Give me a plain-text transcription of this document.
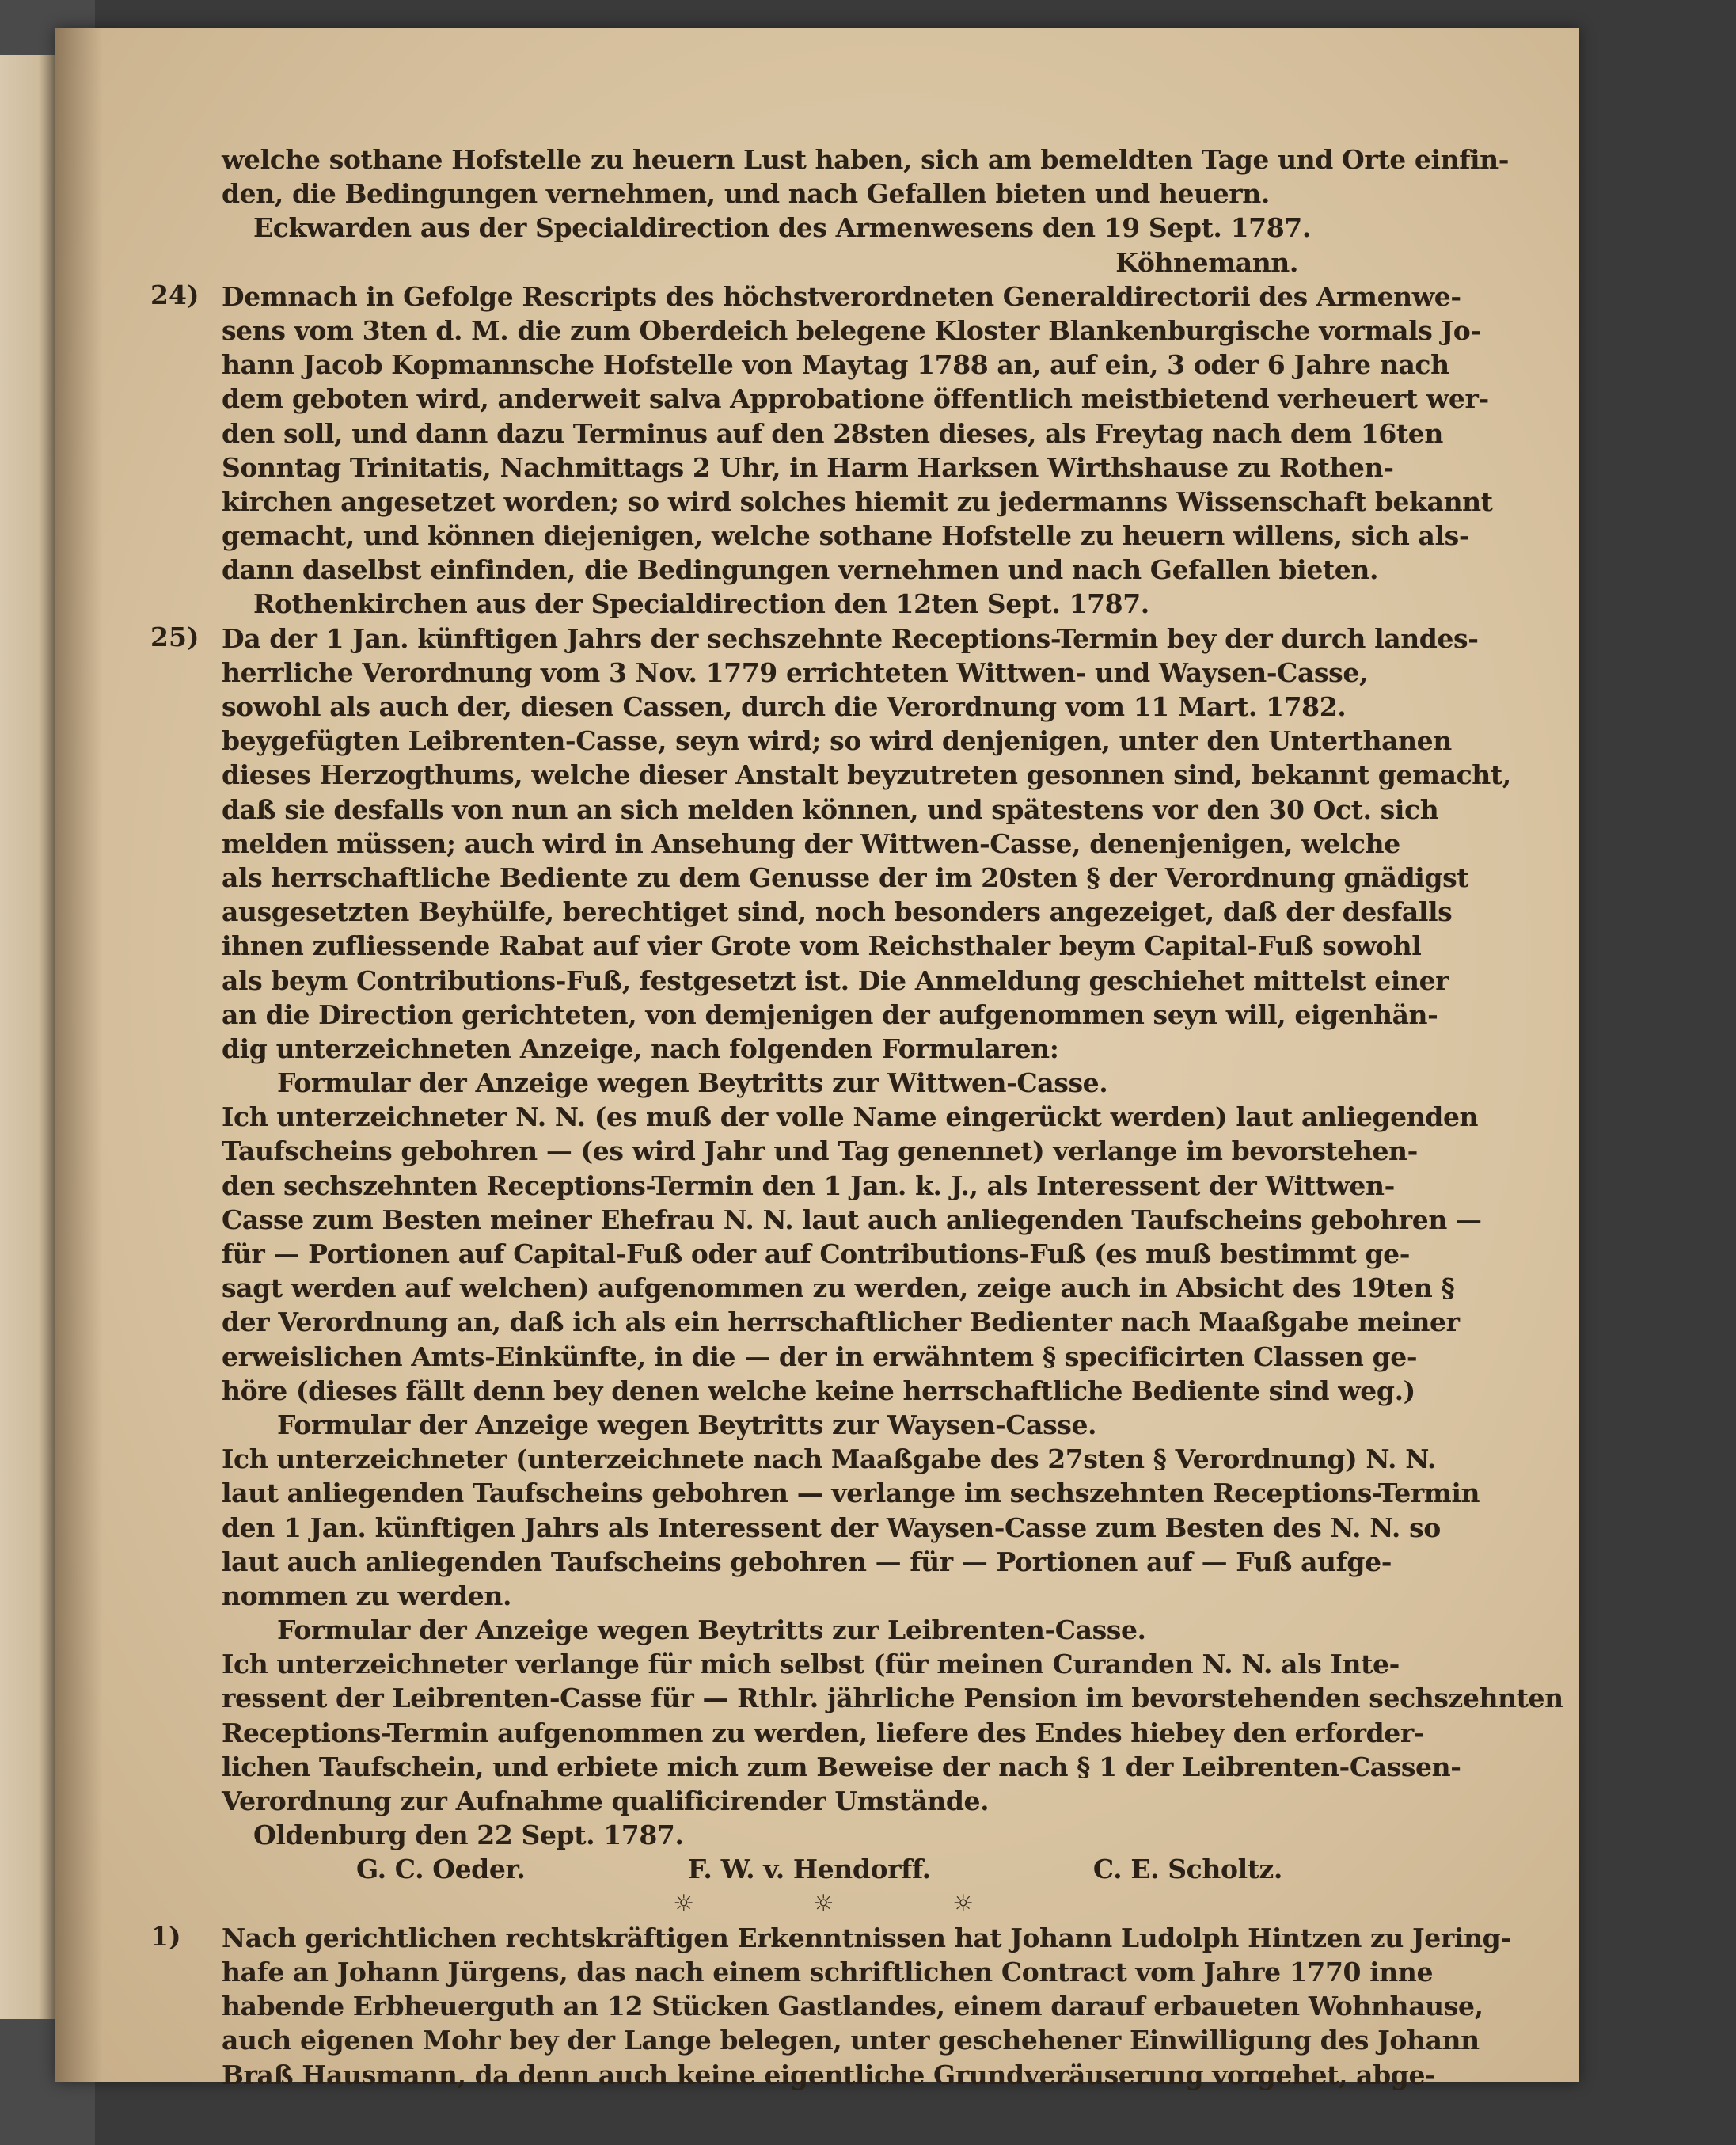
welche sothane Hofstelle zu heuern Lust haben, sich am bemeldten Tage und Orte einfin-
den, die Bedingungen vernehmen, und nach Gefallen bieten und heuern.
Eckwarden aus der Specialdirection des Armenwesens den 19 Sept. 1787.
Köhnemann.
Demnach in Gefolge Rescripts des höchstverordneten Generaldirectorii des Armenwe-
sens vom 3ten d. M. die zum Oberdeich belegene Kloster Blankenburgische vormals Jo-
hann Jacob Kopmannsche Hofstelle von Maytag 1788 an, auf ein, 3 oder 6 Jahre nach
dem geboten wird, anderweit salva Approbatione öffentlich meistbietend verheuert wer-
den soll, und dann dazu Terminus auf den 28sten dieses, als Freytag nach dem 16ten
Sonntag Trinitatis, Nachmittags 2 Uhr, in Harm Harksen Wirthshause zu Rothen-
kirchen angesetzet worden; so wird solches hiemit zu jedermanns Wissenschaft bekannt
gemacht, und können diejenigen, welche sothane Hofstelle zu heuern willens, sich als-
dann daselbst einfinden, die Bedingungen vernehmen und nach Gefallen bieten.
Rothenkirchen aus der Specialdirection den 12ten Sept. 1787.
Da der 1 Jan. künftigen Jahrs der sechszehnte Receptions-Termin bey der durch landes-
herrliche Verordnung vom 3 Nov. 1779 errichteten Wittwen- und Waysen-Casse,
sowohl als auch der, diesen Cassen, durch die Verordnung vom 11 Mart. 1782.
beygefügten Leibrenten-Casse, seyn wird; so wird denjenigen, unter den Unterthanen
dieses Herzogthums, welche dieser Anstalt beyzutreten gesonnen sind, bekannt gemacht,
daß sie desfalls von nun an sich melden können, und spätestens vor den 30 Oct. sich
melden müssen; auch wird in Ansehung der Wittwen-Casse, denenjenigen, welche
als herrschaftliche Bediente zu dem Genusse der im 20sten § der Verordnung gnädigst
ausgesetzten Beyhülfe, berechtiget sind, noch besonders angezeiget, daß der desfalls
ihnen zufliessende Rabat auf vier Grote vom Reichsthaler beym Capital-Fuß sowohl
als beym Contributions-Fuß, festgesetzt ist. Die Anmeldung geschiehet mittelst einer
an die Direction gerichteten, von demjenigen der aufgenommen seyn will, eigenhän-
dig unterzeichneten Anzeige, nach folgenden Formularen:
Formular der Anzeige wegen Beytritts zur Wittwen-Casse.
Ich unterzeichneter N. N. (es muß der volle Name eingerückt werden) laut anliegenden
Taufscheins gebohren — (es wird Jahr und Tag genennet) verlange im bevorstehen-
den sechszehnten Receptions-Termin den 1 Jan. k. J., als Interessent der Wittwen-
Casse zum Besten meiner Ehefrau N. N. laut auch anliegenden Taufscheins gebohren —
für — Portionen auf Capital-Fuß oder auf Contributions-Fuß (es muß bestimmt ge-
sagt werden auf welchen) aufgenommen zu werden, zeige auch in Absicht des 19ten §
der Verordnung an, daß ich als ein herrschaftlicher Bedienter nach Maaßgabe meiner
erweislichen Amts-Einkünfte, in die — der in erwähntem § specificirten Classen ge-
höre (dieses fällt denn bey denen welche keine herrschaftliche Bediente sind weg.)
Formular der Anzeige wegen Beytritts zur Waysen-Casse.
Ich unterzeichneter (unterzeichnete nach Maaßgabe des 27sten § Verordnung) N. N.
laut anliegenden Taufscheins gebohren — verlange im sechszehnten Receptions-Termin
den 1 Jan. künftigen Jahrs als Interessent der Waysen-Casse zum Besten des N. N. so
laut auch anliegenden Taufscheins gebohren — für — Portionen auf — Fuß aufge-
nommen zu werden.
Formular der Anzeige wegen Beytritts zur Leibrenten-Casse.
Ich unterzeichneter verlange für mich selbst (für meinen Curanden N. N. als Inte-
ressent der Leibrenten-Casse für — Rthlr. jährliche Pension im bevorstehenden sechszehnten
Receptions-Termin aufgenommen zu werden, liefere des Endes hiebey den erforder-
lichen Taufschein, und erbiete mich zum Beweise der nach § 1 der Leibrenten-Cassen-
Verordnung zur Aufnahme qualificirender Umstände.
Oldenburg den 22 Sept. 1787.
G. C. Oeder.	F. W. v. Hendorff.	C. E. Scholtz.
☼	☼	☼
Nach gerichtlichen rechtskräftigen Erkenntnissen hat Johann Ludolph Hintzen zu Jering-
hafe an Johann Jürgens, das nach einem schriftlichen Contract vom Jahre 1770 inne
habende Erbheuerguth an 12 Stücken Gastlandes, einem darauf erbaueten Wohnhause,
auch eigenen Mohr bey der Lange belegen, unter geschehener Einwilligung des Johann
Braß Hausmann, da denn auch keine eigentliche Grundveräuserung vorgehet, abge-
24)
25)
1)
